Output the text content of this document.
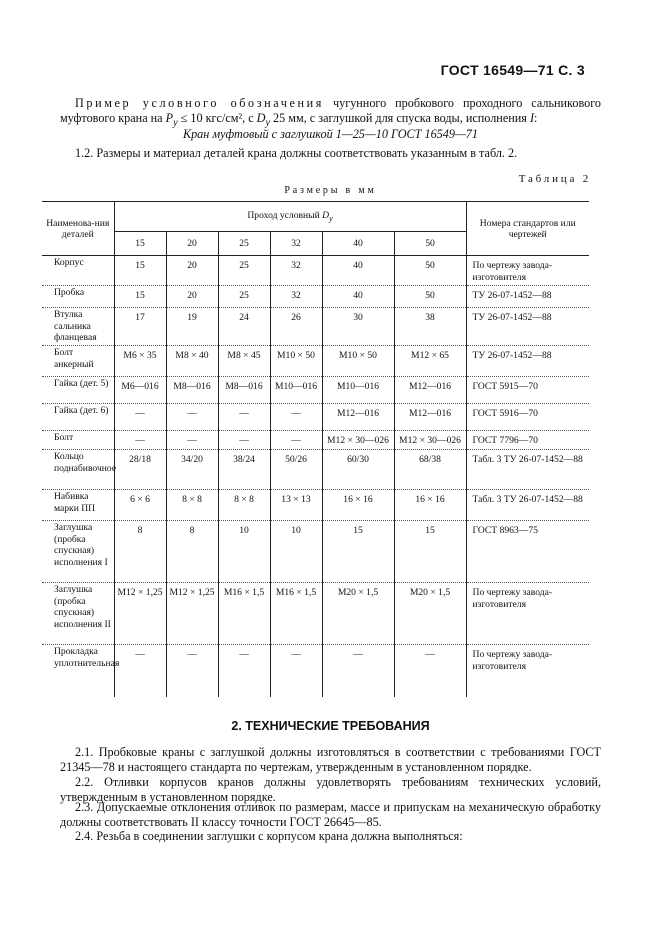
ГОСТ 16549—71 С. 3
Пример условного обозначения чугунного пробкового проходного сальникового муфтового крана на $P_y \le 10$ кгс/см², с $D_y$ 25 мм, с заглушкой для спуска воды, исполнения I:
Кран муфтовый с заглушкой 1—25—10 ГОСТ 16549—71
1.2. Размеры и материал деталей крана должны соответствовать указанным в табл. 2.
Таблица 2
Размеры в мм
Наименова-ния деталей	Проход условный $D_y$						Номера стандартов или чертежей
	15	20	25	32	40	50	
Корпус	15	20	25	32	40	50	По чертежу завода-изготовителя
Пробка	15	20	25	32	40	50	ТУ 26-07-1452—88
Втулка сальника фланцевая	17	19	24	26	30	38	ТУ 26-07-1452—88
Болт анкерный	М6 × 35	М8 × 40	М8 × 45	М10 × 50	М10 × 50	М12 × 65	ТУ 26-07-1452—88
Гайка (дет. 5)	М6—016	М8—016	М8—016	М10—016	М10—016	М12—016	ГОСТ 5915—70
Гайка (дет. 6)	—	—	—	—	М12—016	М12—016	ГОСТ 5916—70
Болт	—	—	—	—	М12 × 30—026	М12 × 30—026	ГОСТ 7796—70
Кольцо поднабивочное	28/18	34/20	38/24	50/26	60/30	68/38	Табл. 3 ТУ 26-07-1452—88
Набивка марки ПП	6 × 6	8 × 8	8 × 8	13 × 13	16 × 16	16 × 16	Табл. 3 ТУ 26-07-1452—88
Заглушка (пробка спускная) исполнения I	8	8	10	10	15	15	ГОСТ 8963—75
Заглушка (пробка спускная) исполнения II	М12 × 1,25	М12 × 1,25	М16 × 1,5	М16 × 1,5	М20 × 1,5	М20 × 1,5	По чертежу завода-изготовителя
Прокладка уплотнительная	—	—	—	—	—	—	По чертежу завода-изготовителя
2. ТЕХНИЧЕСКИЕ ТРЕБОВАНИЯ
2.1. Пробковые краны с заглушкой должны изготовляться в соответствии с требованиями ГОСТ 21345—78 и настоящего стандарта по чертежам, утвержденным в установленном порядке.
2.2. Отливки корпусов кранов должны удовлетворять требованиям технических условий, утвержденным в установленном порядке.
2.3. Допускаемые отклонения отливок по размерам, массе и припускам на механическую обработку должны соответствовать II классу точности ГОСТ 26645—85.
2.4. Резьба в соединении заглушки с корпусом крана должна выполняться:
